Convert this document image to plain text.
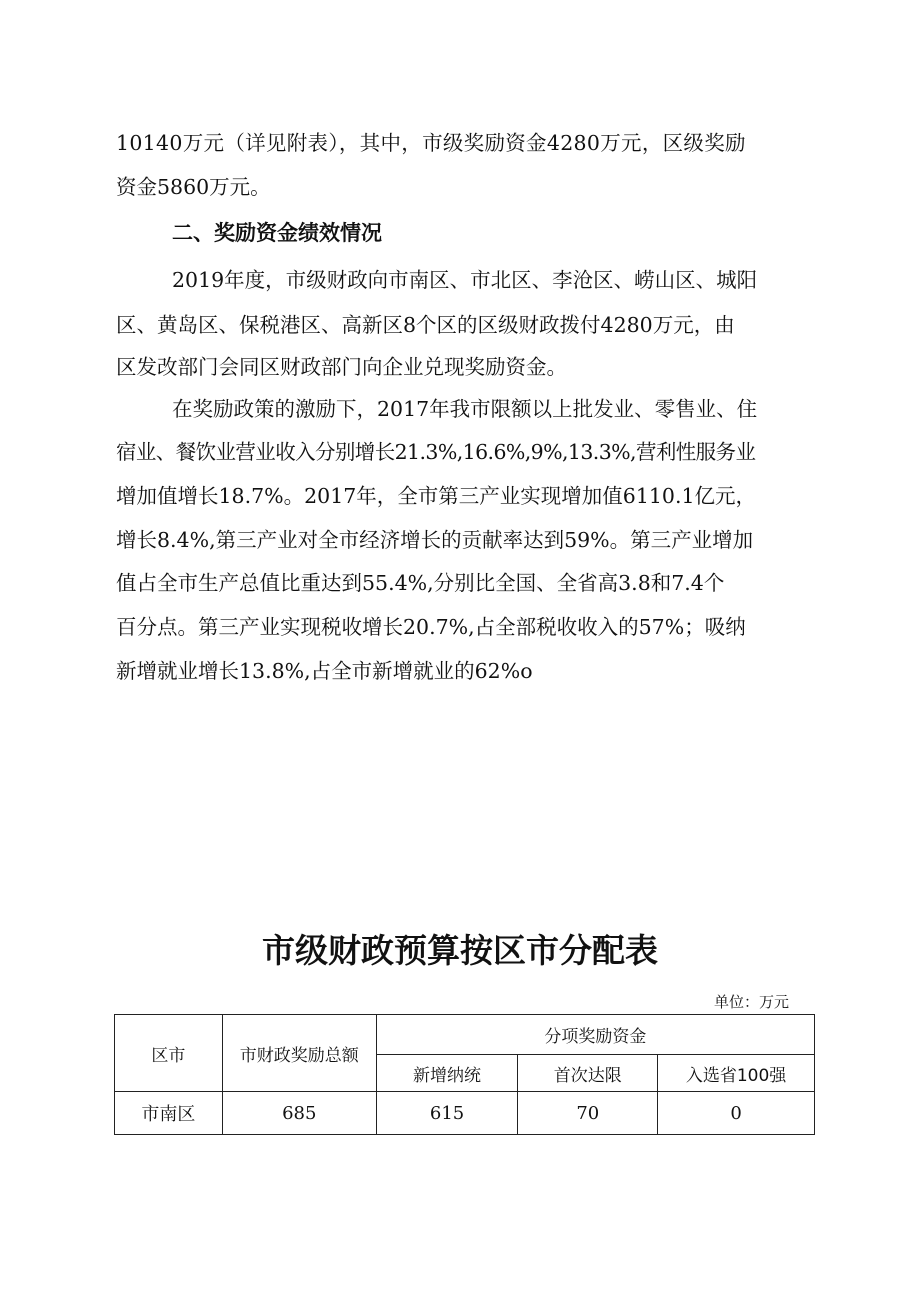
10140万元（详见附表），其中，市级奖励资金4280万元，区级奖励

资金5860万元。

二、奖励资金绩效情况

2019年度，市级财政向市南区、市北区、李沧区、崂山区、城阳

区、黄岛区、保税港区、高新区8个区的区级财政拨付4280万元，由

区发改部门会同区财政部门向企业兑现奖励资金。

在奖励政策的激励下，2017年我市限额以上批发业、零售业、住

宿业、餐饮业营业收入分别增长21.3%,16.6%,9%,13.3%,营利性服务业

增加值增长18.7%。2017年，全市第三产业实现增加值6110.1亿元，

增长8.4%,第三产业对全市经济增长的贡献率达到59%。第三产业增加

值占全市生产总值比重达到55.4%,分别比全国、全省高3.8和7.4个

百分点。第三产业实现税收增长20.7%,占全部税收收入的57%；吸纳

新增就业增长13.8%,占全市新增就业的62%o

市级财政预算按区市分配表
单位：万元
区市	市财政奖励总额	分项奖励资金		
		新增纳统	首次达限	入选省100强
市南区	685	615	70	0
